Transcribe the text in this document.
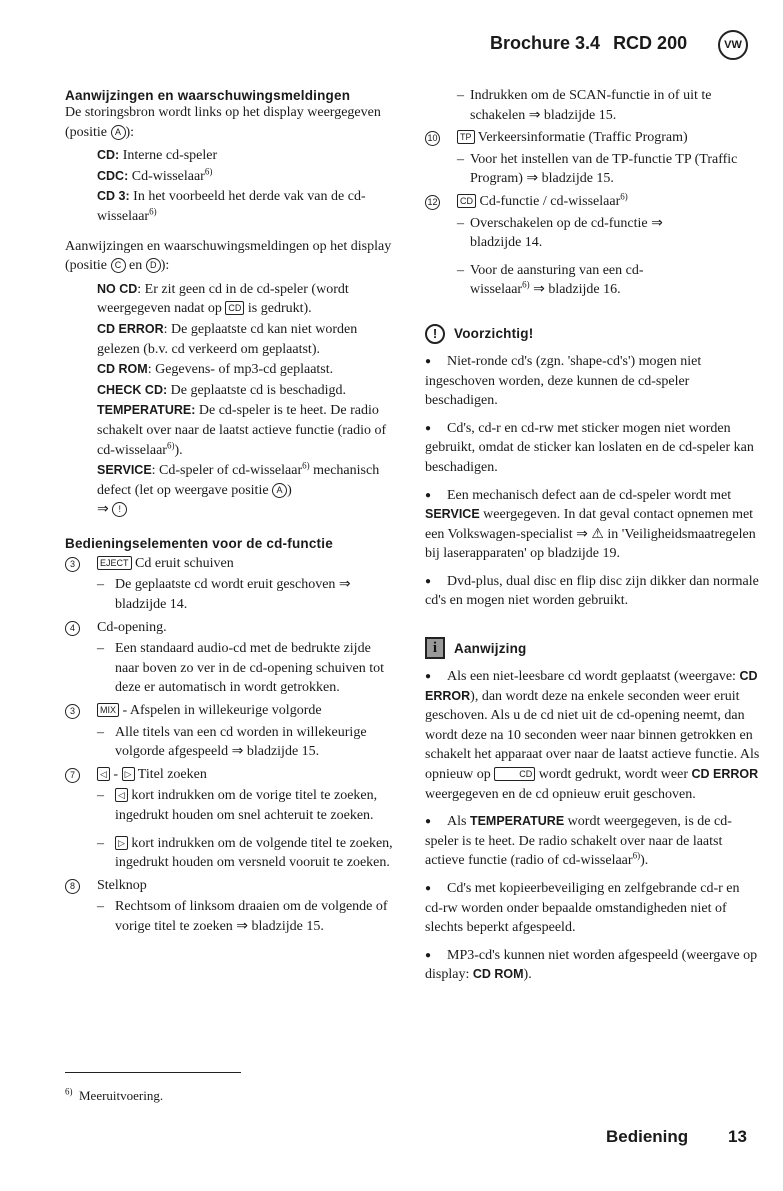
Brochure 3.4 RCD 200	VW
Aanwijzingen en waarschuwingsmeldingen

De storingsbron wordt links op het display weergegeven (positie A ):

CD: Interne cd-speler

CDC: Cd-wisselaar$^{6)}$

CD 3: In het voorbeeld het derde vak van de cd-wisselaar$^{6)}$

Aanwijzingen en waarschuwingsmeldingen op het display (positie C en D ):

NO CD: Er zit geen cd in de cd-speler (wordt weergegeven nadat op CD is gedrukt).

CD ERROR: De geplaatste cd kan niet worden gelezen (b.v. cd verkeerd om geplaatst).

CD ROM: Gegevens- of mp3-cd geplaatst.

CHECK CD: De geplaatste cd is beschadigd.

TEMPERATURE: De cd-speler is te heet. De radio schakelt over naar de laatst actieve functie (radio of cd-wisselaar$^{6)}$).

SERVICE: Cd-speler of cd-wisselaar$^{6)}$ mechanisch defect (let op weergave positie A )
⇒ !

Bedieningselementen voor de cd-functie
3	EJECT Cd eruit schuiven
– De geplaatste cd wordt eruit geschoven ⇒ bladzijde 14.
4	Cd-opening.
– Een standaard audio-cd met de bedrukte zijde naar boven zo ver in de cd-opening schuiven tot deze er automatisch in wordt getrokken.
3	MIX - Afspelen in willekeurige volgorde
– Alle titels van een cd worden in willekeurige volgorde afgespeeld ⇒ bladzijde 15.
7	◁ - ▷ Titel zoeken
– ◁ kort indrukken om de vorige titel te zoeken, ingedrukt houden om snel achteruit te zoeken.
– ▷ kort indrukken om de volgende titel te zoeken, ingedrukt houden om versneld vooruit te zoeken.
8	Stelknop
– Rechtsom of linksom draaien om de volgende of vorige titel te zoeken ⇒ bladzijde 15.
– Indrukken om de SCAN-functie in of uit te schakelen ⇒ bladzijde 15.
10	TP Verkeersinformatie (Traffic Program)
– Voor het instellen van de TP-functie TP (Traffic Program) ⇒ bladzijde 15.
12	CD Cd-functie / cd-wisselaar$^{6)}$
– Overschakelen op de cd-functie ⇒ bladzijde 14.
– Voor de aansturing van een cd-wisselaar$^{6)}$ ⇒ bladzijde 16.
!	Voorzichtig!

● Niet-ronde cd's (zgn. 'shape-cd's') mogen niet ingeschoven worden, deze kunnen de cd-speler beschadigen.

● Cd's, cd-r en cd-rw met sticker mogen niet worden gebruikt, omdat de sticker kan loslaten en de cd-speler kan beschadigen.

● Een mechanisch defect aan de cd-speler wordt met SERVICE weergegeven. In dat geval contact opnemen met een Volkswagen-specialist ⇒ ⚠ in 'Veiligheidsmaatregelen bij laserapparaten' op bladzijde 19.

● Dvd-plus, dual disc en flip disc zijn dikker dan normale cd's en mogen niet worden gebruikt.

i	Aanwijzing

● Als een niet-leesbare cd wordt geplaatst (weergave: CD ERROR), dan wordt deze na enkele seconden weer eruit geschoven. Als u de cd niet uit de cd-opening neemt, dan wordt deze na 10 seconden weer naar binnen getrokken en schakelt het apparaat over naar de laatst actieve functie. Als opnieuw op	CD wordt gedrukt, wordt weer CD ERROR weergegeven en de cd opnieuw eruit geschoven.

● Als TEMPERATURE wordt weergegeven, is de cd-speler is te heet. De radio schakelt over naar de laatst actieve functie (radio of cd-wisselaar$^{6)}$).

● Cd's met kopieerbeveiliging en zelfgebrande cd-r en cd-rw worden onder bepaalde omstandigheden niet of slechts beperkt afgespeeld.

● MP3-cd's kunnen niet worden afgespeeld (weergave op display: CD ROM).

$^{6)}$ Meeruitvoering.
Bediening 13
